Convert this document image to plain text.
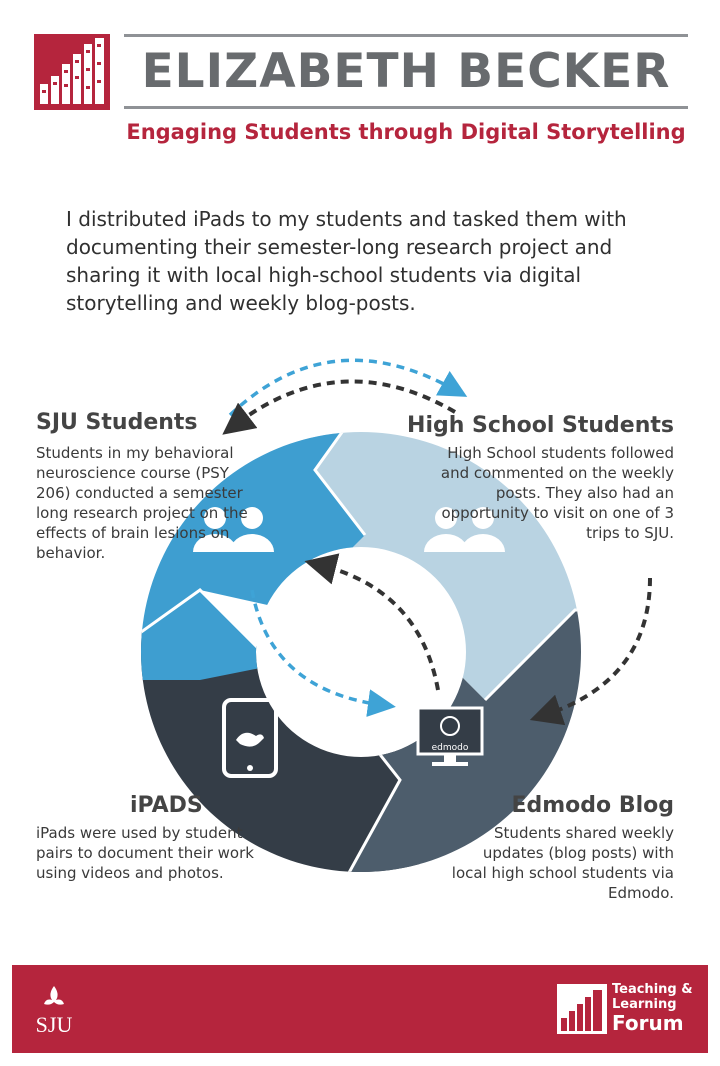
ELIZABETH BECKER
Engaging Students through Digital Storytelling
I distributed iPads to my students and tasked them with documenting their semester-long research project and sharing it with local high-school students via digital storytelling and weekly blog-posts.
edmodo
SJU Students
Students in my behavioral neuroscience course (PSY 206) conducted a semester long research project on the effects of brain lesions on behavior.
High School Students
High School students followed and commented on the weekly posts. They also had an opportunity to visit on one of 3 trips to SJU.
iPADS
iPads were used by student pairs to document their work using videos and photos.
Edmodo Blog
Students shared weekly updates (blog posts) with local high school students via Edmodo.
SJU
Teaching &
Learning
Forum
